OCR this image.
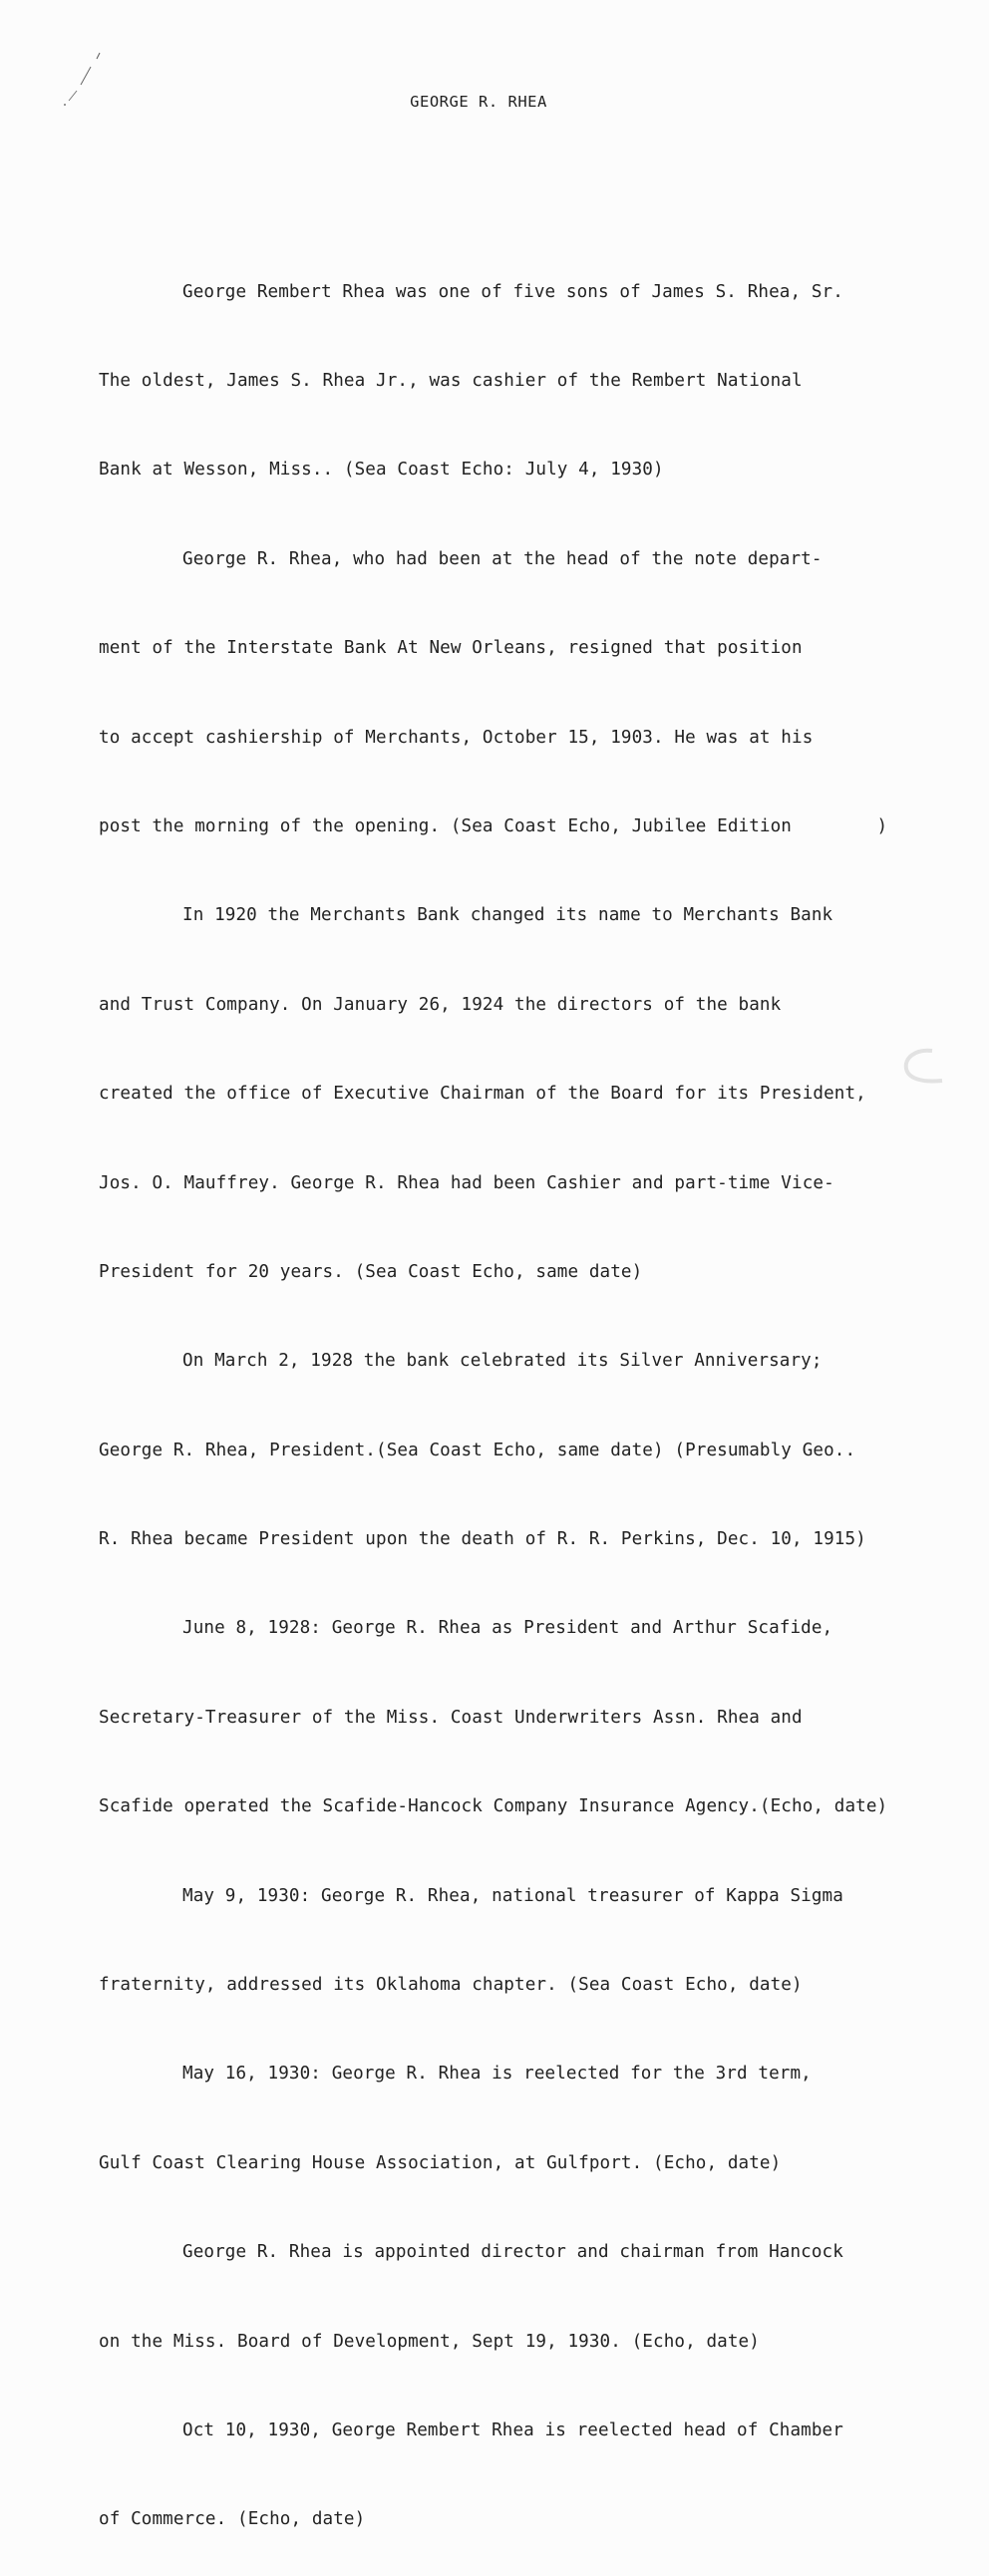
GEORGE R. RHEA

George Rembert Rhea was one of five sons of James S. Rhea, Sr.

The oldest, James S. Rhea Jr., was cashier of the Rembert National

Bank at Wesson, Miss.. (Sea Coast Echo: July 4, 1930)

George R. Rhea, who had been at the head of the note depart-

ment of the Interstate Bank At New Orleans, resigned that position

to accept cashiership of Merchants, October 15, 1903. He was at his

post the morning of the opening. (Sea Coast Echo, Jubilee Edition        )

In 1920 the Merchants Bank changed its name to Merchants Bank

and Trust Company. On January 26, 1924 the directors of the bank

created the office of Executive Chairman of the Board for its President,

Jos. O. Mauffrey. George R. Rhea had been Cashier and part-time Vice-

President for 20 years. (Sea Coast Echo, same date)

On March 2, 1928 the bank celebrated its Silver Anniversary;

George R. Rhea, President.(Sea Coast Echo, same date) (Presumably Geo..

R. Rhea became President upon the death of R. R. Perkins, Dec. 10, 1915)

June 8, 1928: George R. Rhea as President and Arthur Scafide,

Secretary-Treasurer of the Miss. Coast Underwriters Assn. Rhea and

Scafide operated the Scafide-Hancock Company Insurance Agency.(Echo, date)

May 9, 1930: George R. Rhea, national treasurer of Kappa Sigma

fraternity, addressed its Oklahoma chapter. (Sea Coast Echo, date)

May 16, 1930: George R. Rhea is reelected for the 3rd term,

Gulf Coast Clearing House Association, at Gulfport. (Echo, date)

George R. Rhea is appointed director and chairman from Hancock

on the Miss. Board of Development, Sept 19, 1930. (Echo, date)

Oct 10, 1930, George Rembert Rhea is reelected head of Chamber

of Commerce. (Echo, date)
